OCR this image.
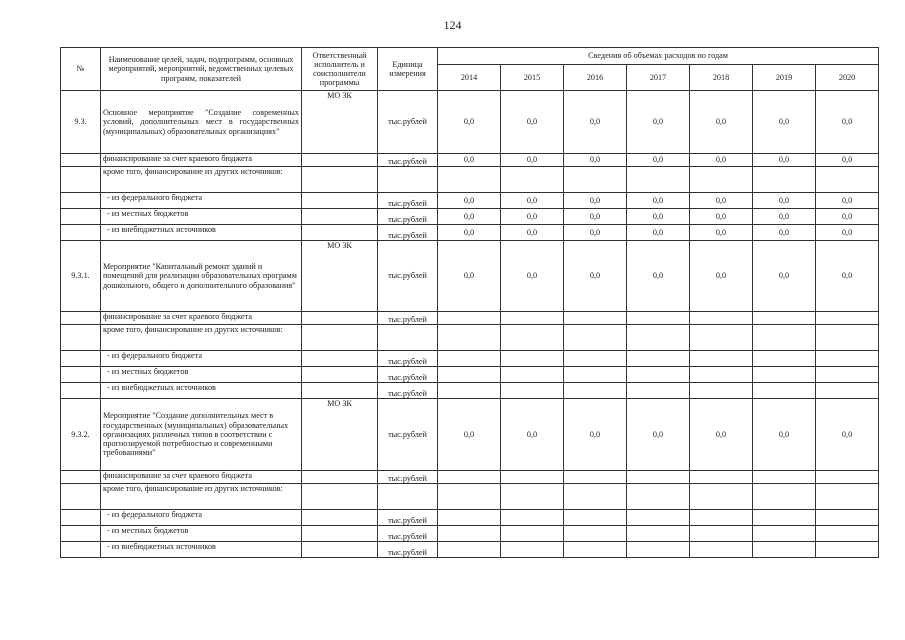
124
№	Наименование целей, задач, подпрограмм, основных мероприятий, мероприятий, ведомственных целевых программ, показателей	Ответственный исполнитель и соисполнители программы	Единица измерения	Сведения об объемах расходов по годам						
				2014	2015	2016	2017	2018	2019	2020
9.3.	Основное мероприятие "Создание современных условий, дополнительных мест в государственных (муниципальных) образовательных организациях"	МО ЗК	тыс.рублей	0,0	0,0	0,0	0,0	0,0	0,0	0,0
	финансирование за счет краевого бюджета		тыс.рублей	0,0	0,0	0,0	0,0	0,0	0,0	0,0
	кроме того, финансирование из других источников:									
	- из федерального бюджета		тыс.рублей	0,0	0,0	0,0	0,0	0,0	0,0	0,0
	- из местных бюджетов		тыс.рублей	0,0	0,0	0,0	0,0	0,0	0,0	0,0
	- из внебюджетных источников		тыс.рублей	0,0	0,0	0,0	0,0	0,0	0,0	0,0
9.3.1.	Мероприятие "Капитальный ремонт зданий и помещений для реализации образовательных программ дошкольного, общего и дополнительного образования"	МО ЗК	тыс.рублей	0,0	0,0	0,0	0,0	0,0	0,0	0,0
	финансирование за счет краевого бюджета		тыс.рублей							
	кроме того, финансирование из других источников:									
	- из федерального бюджета		тыс.рублей							
	- из местных бюджетов		тыс.рублей							
	- из внебюджетных источников		тыс.рублей							
9.3.2.	Мероприятие "Создание дополнительных мест в государственных (муниципальных) образовательных организациях различных типов в соответствии с прогнозируемой потребностью и современными требованиями"	МО ЗК	тыс.рублей	0,0	0,0	0,0	0,0	0,0	0,0	0,0
	финансирование за счет краевого бюджета		тыс.рублей							
	кроме того, финансирование из других источников:									
	- из федерального бюджета		тыс.рублей							
	- из местных бюджетов		тыс.рублей							
	- из внебюджетных источников		тыс.рублей							
